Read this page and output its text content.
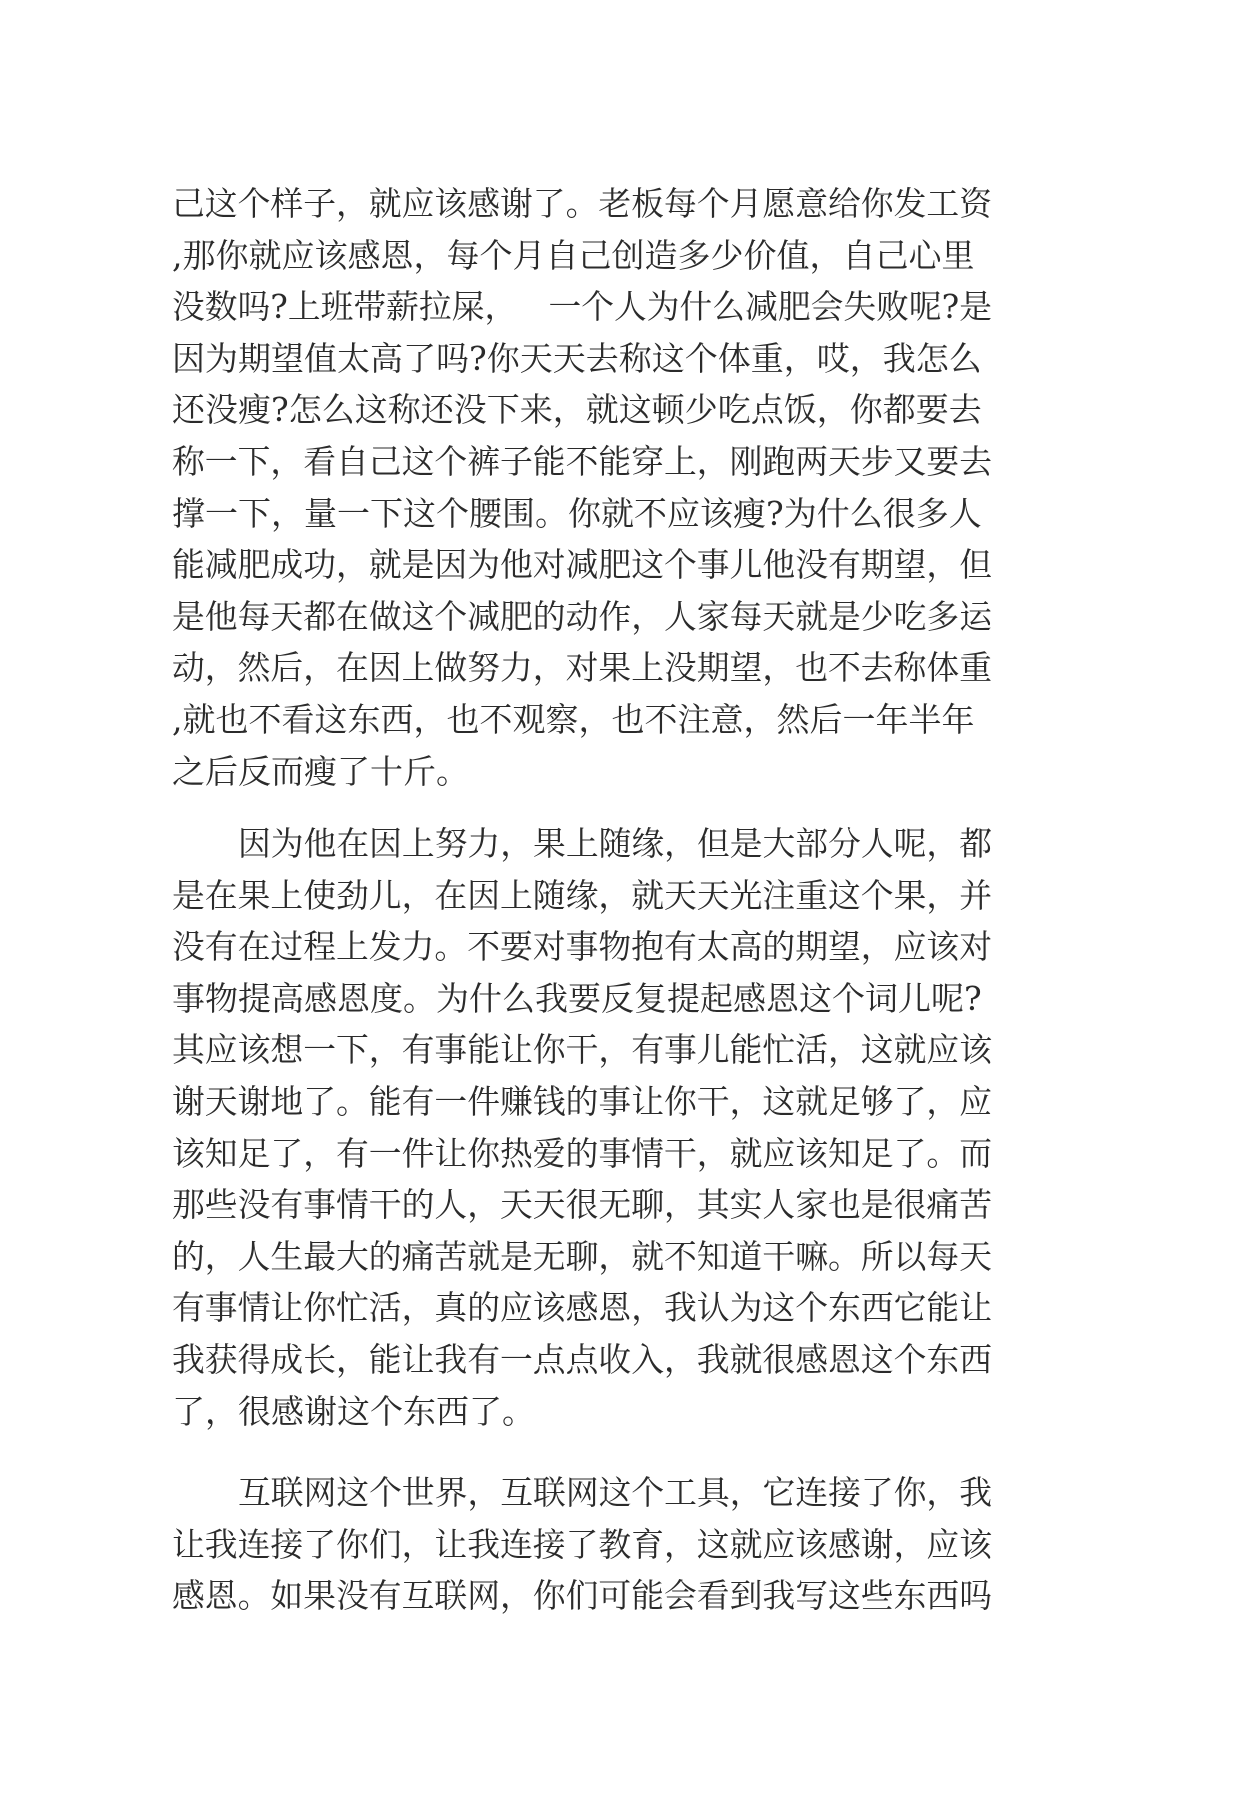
己这个样子，就应该感谢了。老板每个月愿意给你发工资
,那你就应该感恩，每个月自己创造多少价值，自己心里
没数吗?上班带薪拉屎，   一个人为什么减肥会失败呢?是
因为期望值太高了吗?你天天去称这个体重，哎，我怎么
还没瘦?怎么这称还没下来，就这顿少吃点饭，你都要去
称一下，看自己这个裤子能不能穿上，刚跑两天步又要去
撑一下，量一下这个腰围。你就不应该瘦?为什么很多人
能减肥成功，就是因为他对减肥这个事儿他没有期望，但
是他每天都在做这个减肥的动作，人家每天就是少吃多运
动，然后，在因上做努力，对果上没期望，也不去称体重
,就也不看这东西，也不观察，也不注意，然后一年半年
之后反而瘦了十斤。
因为他在因上努力，果上随缘，但是大部分人呢，都
是在果上使劲儿，在因上随缘，就天天光注重这个果，并
没有在过程上发力。不要对事物抱有太高的期望，应该对
事物提高感恩度。为什么我要反复提起感恩这个词儿呢?
其应该想一下，有事能让你干，有事儿能忙活，这就应该
谢天谢地了。能有一件赚钱的事让你干，这就足够了，应
该知足了，有一件让你热爱的事情干，就应该知足了。而
那些没有事情干的人，天天很无聊，其实人家也是很痛苦
的，人生最大的痛苦就是无聊，就不知道干嘛。所以每天
有事情让你忙活，真的应该感恩，我认为这个东西它能让
我获得成长，能让我有一点点收入，我就很感恩这个东西
了，很感谢这个东西了。
互联网这个世界，互联网这个工具，它连接了你，我
让我连接了你们，让我连接了教育，这就应该感谢，应该
感恩。如果没有互联网，你们可能会看到我写这些东西吗
